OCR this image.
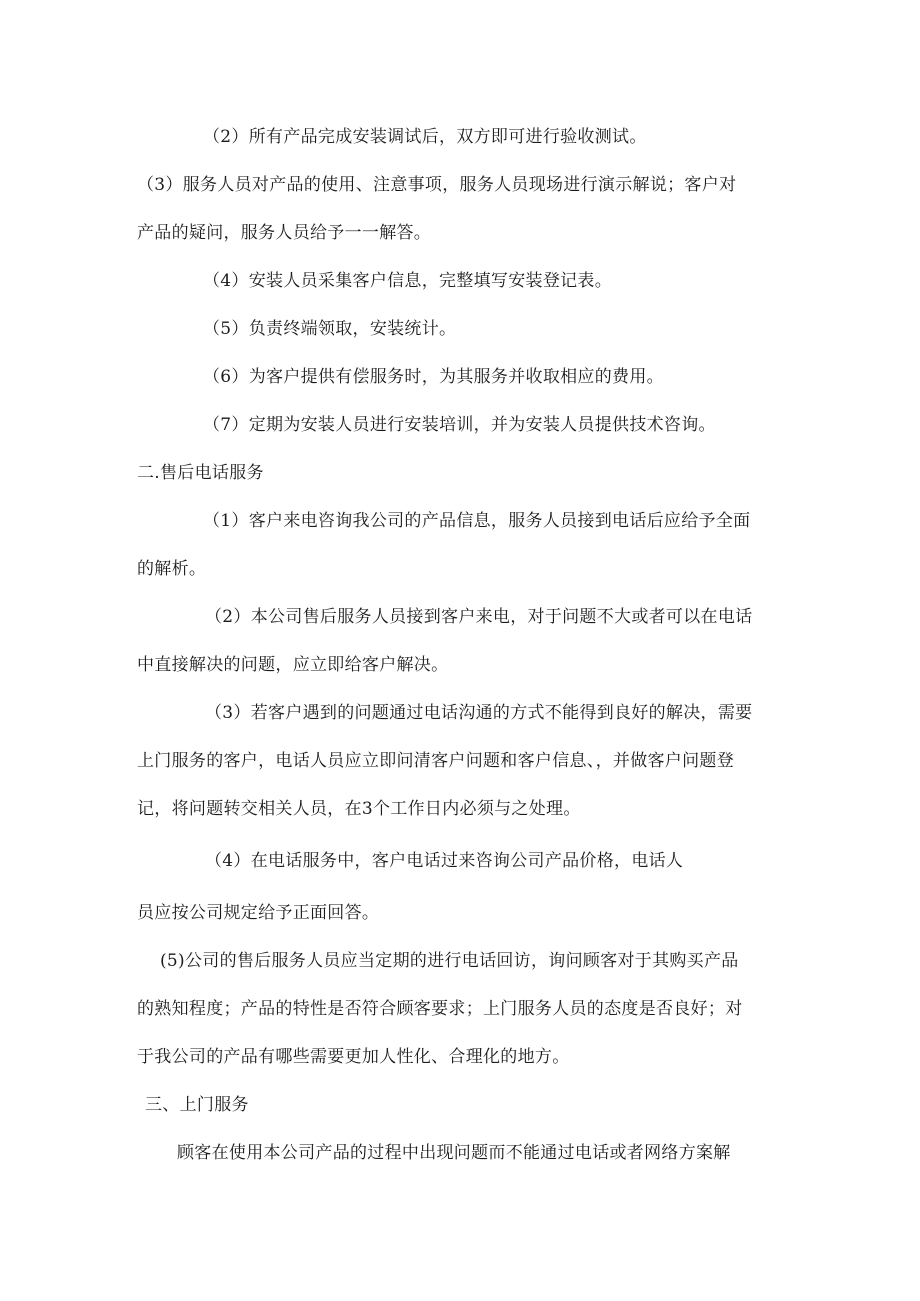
（2）所有产品完成安装调试后，双方即可进行验收测试。
（3）服务人员对产品的使用、注意事项，服务人员现场进行演示解说；客户对
产品的疑问，服务人员给予一一解答。
（4）安装人员采集客户信息，完整填写安装登记表。
（5）负责终端领取，安装统计。
（6）为客户提供有偿服务时，为其服务并收取相应的费用。
（7）定期为安装人员进行安装培训，并为安装人员提供技术咨询。
二.售后电话服务
（1）客户来电咨询我公司的产品信息，服务人员接到电话后应给予全面
的解析。
（2）本公司售后服务人员接到客户来电，对于问题不大或者可以在电话
中直接解决的问题，应立即给客户解决。
（3）若客户遇到的问题通过电话沟通的方式不能得到良好的解决，需要
上门服务的客户，电话人员应立即问清客户问题和客户信息、，并做客户问题登
记，将问题转交相关人员，在3个工作日内必须与之处理。
（4）在电话服务中，客户电话过来咨询公司产品价格，电话人
员应按公司规定给予正面回答。
(5)公司的售后服务人员应当定期的进行电话回访，询问顾客对于其购买产品
的熟知程度；产品的特性是否符合顾客要求；上门服务人员的态度是否良好；对
于我公司的产品有哪些需要更加人性化、合理化的地方。
三、上门服务
顾客在使用本公司产品的过程中出现问题而不能通过电话或者网络方案解
